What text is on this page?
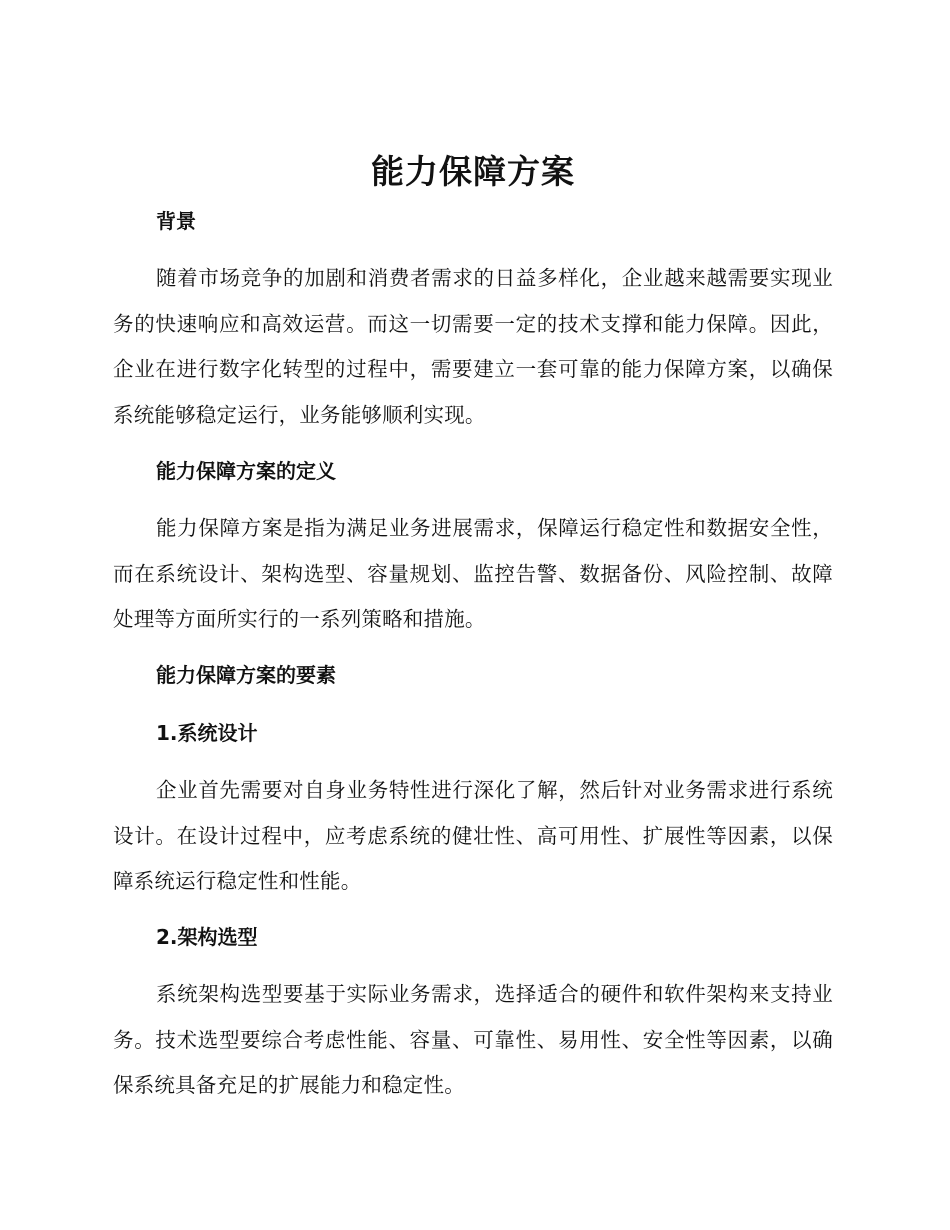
能力保障方案
背景
随着市场竞争的加剧和消费者需求的日益多样化，企业越来越需要实现业务的快速响应和高效运营。而这一切需要一定的技术支撑和能力保障。因此，企业在进行数字化转型的过程中，需要建立一套可靠的能力保障方案，以确保系统能够稳定运行，业务能够顺利实现。
能力保障方案的定义
能力保障方案是指为满足业务进展需求，保障运行稳定性和数据安全性，而在系统设计、架构选型、容量规划、监控告警、数据备份、风险控制、故障处理等方面所实行的一系列策略和措施。
能力保障方案的要素
1.系统设计
企业首先需要对自身业务特性进行深化了解，然后针对业务需求进行系统设计。在设计过程中，应考虑系统的健壮性、高可用性、扩展性等因素，以保障系统运行稳定性和性能。
2.架构选型
系统架构选型要基于实际业务需求，选择适合的硬件和软件架构来支持业务。技术选型要综合考虑性能、容量、可靠性、易用性、安全性等因素，以确保系统具备充足的扩展能力和稳定性。
